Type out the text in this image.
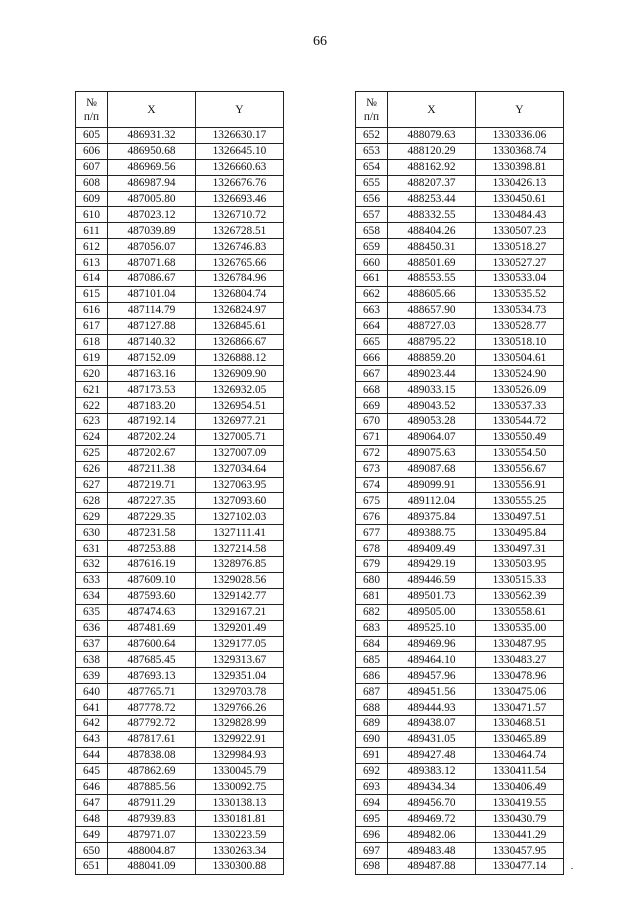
66
№
п/п	X	Y
605	486931.32	1326630.17
606	486950.68	1326645.10
607	486969.56	1326660.63
608	486987.94	1326676.76
609	487005.80	1326693.46
610	487023.12	1326710.72
611	487039.89	1326728.51
612	487056.07	1326746.83
613	487071.68	1326765.66
614	487086.67	1326784.96
615	487101.04	1326804.74
616	487114.79	1326824.97
617	487127.88	1326845.61
618	487140.32	1326866.67
619	487152.09	1326888.12
620	487163.16	1326909.90
621	487173.53	1326932.05
622	487183.20	1326954.51
623	487192.14	1326977.21
624	487202.24	1327005.71
625	487202.67	1327007.09
626	487211.38	1327034.64
627	487219.71	1327063.95
628	487227.35	1327093.60
629	487229.35	1327102.03
630	487231.58	1327111.41
631	487253.88	1327214.58
632	487616.19	1328976.85
633	487609.10	1329028.56
634	487593.60	1329142.77
635	487474.63	1329167.21
636	487481.69	1329201.49
637	487600.64	1329177.05
638	487685.45	1329313.67
639	487693.13	1329351.04
640	487765.71	1329703.78
641	487778.72	1329766.26
642	487792.72	1329828.99
643	487817.61	1329922.91
644	487838.08	1329984.93
645	487862.69	1330045.79
646	487885.56	1330092.75
647	487911.29	1330138.13
648	487939.83	1330181.81
649	487971.07	1330223.59
650	488004.87	1330263.34
651	488041.09	1330300.88
№
п/п	X	Y
652	488079.63	1330336.06
653	488120.29	1330368.74
654	488162.92	1330398.81
655	488207.37	1330426.13
656	488253.44	1330450.61
657	488332.55	1330484.43
658	488404.26	1330507.23
659	488450.31	1330518.27
660	488501.69	1330527.27
661	488553.55	1330533.04
662	488605.66	1330535.52
663	488657.90	1330534.73
664	488727.03	1330528.77
665	488795.22	1330518.10
666	488859.20	1330504.61
667	489023.44	1330524.90
668	489033.15	1330526.09
669	489043.52	1330537.33
670	489053.28	1330544.72
671	489064.07	1330550.49
672	489075.63	1330554.50
673	489087.68	1330556.67
674	489099.91	1330556.91
675	489112.04	1330555.25
676	489375.84	1330497.51
677	489388.75	1330495.84
678	489409.49	1330497.31
679	489429.19	1330503.95
680	489446.59	1330515.33
681	489501.73	1330562.39
682	489505.00	1330558.61
683	489525.10	1330535.00
684	489469.96	1330487.95
685	489464.10	1330483.27
686	489457.96	1330478.96
687	489451.56	1330475.06
688	489444.93	1330471.57
689	489438.07	1330468.51
690	489431.05	1330465.89
691	489427.48	1330464.74
692	489383.12	1330411.54
693	489434.34	1330406.49
694	489456.70	1330419.55
695	489469.72	1330430.79
696	489482.06	1330441.29
697	489483.48	1330457.95
698	489487.88	1330477.14
